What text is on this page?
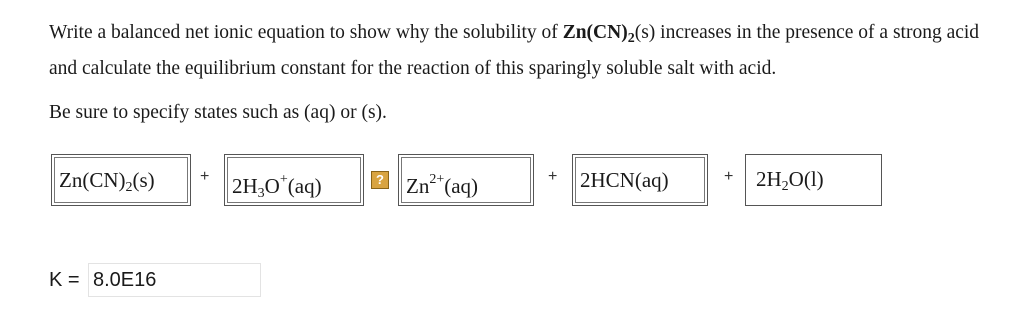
Write a balanced net ionic equation to show why the solubility of $Zn(CN)_2(s)$ increases in the presence of a strong acid and calculate the equilibrium constant for the reaction of this sparingly soluble salt with acid.
Be sure to specify states such as (aq) or (s).
$Zn(CN)_2(s)$	+ $2H_3O^+(aq)$	? $Zn^{2+}(aq)$	+ 2HCN(aq)	+	$2H_2O(l)$
K =
8.0E16
